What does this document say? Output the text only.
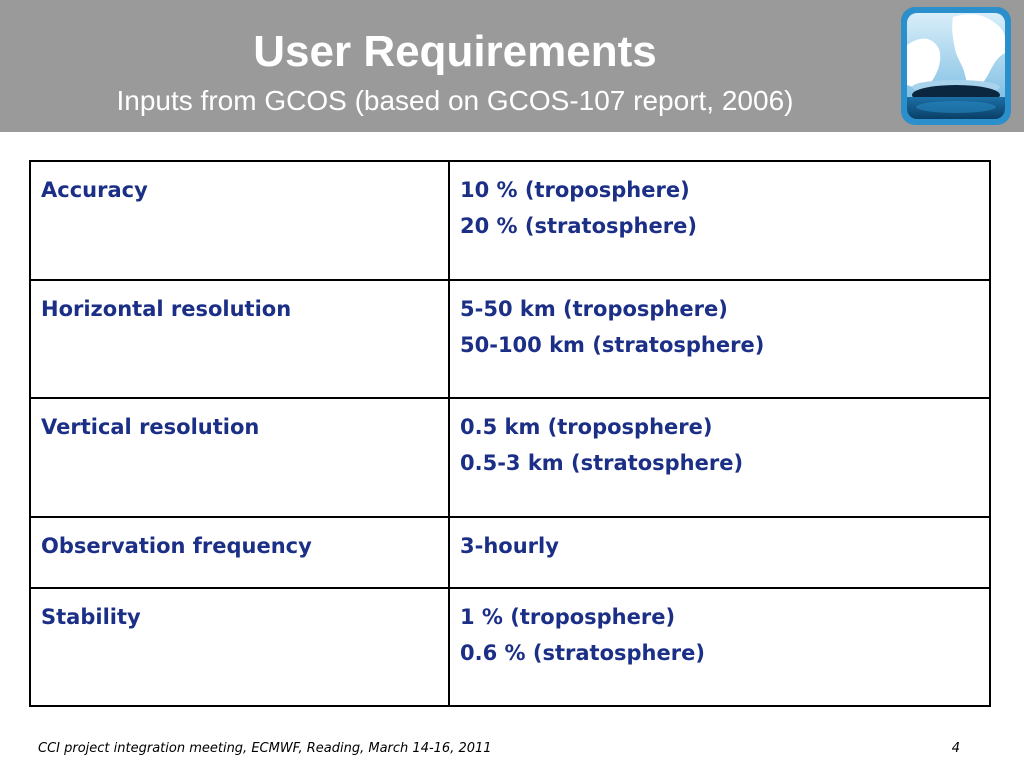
User Requirements
Inputs from GCOS (based on GCOS-107 report, 2006)
Accuracy	10 % (troposphere)
20 % (stratosphere)

Horizontal resolution	5-50 km (troposphere)
50-100 km (stratosphere)

Vertical resolution	0.5 km (troposphere)
0.5-3 km (stratosphere)

Observation frequency	3-hourly

Stability	1 % (troposphere)
0.6 % (stratosphere)
CCI project integration meeting, ECMWF, Reading, March 14-16, 2011	4
